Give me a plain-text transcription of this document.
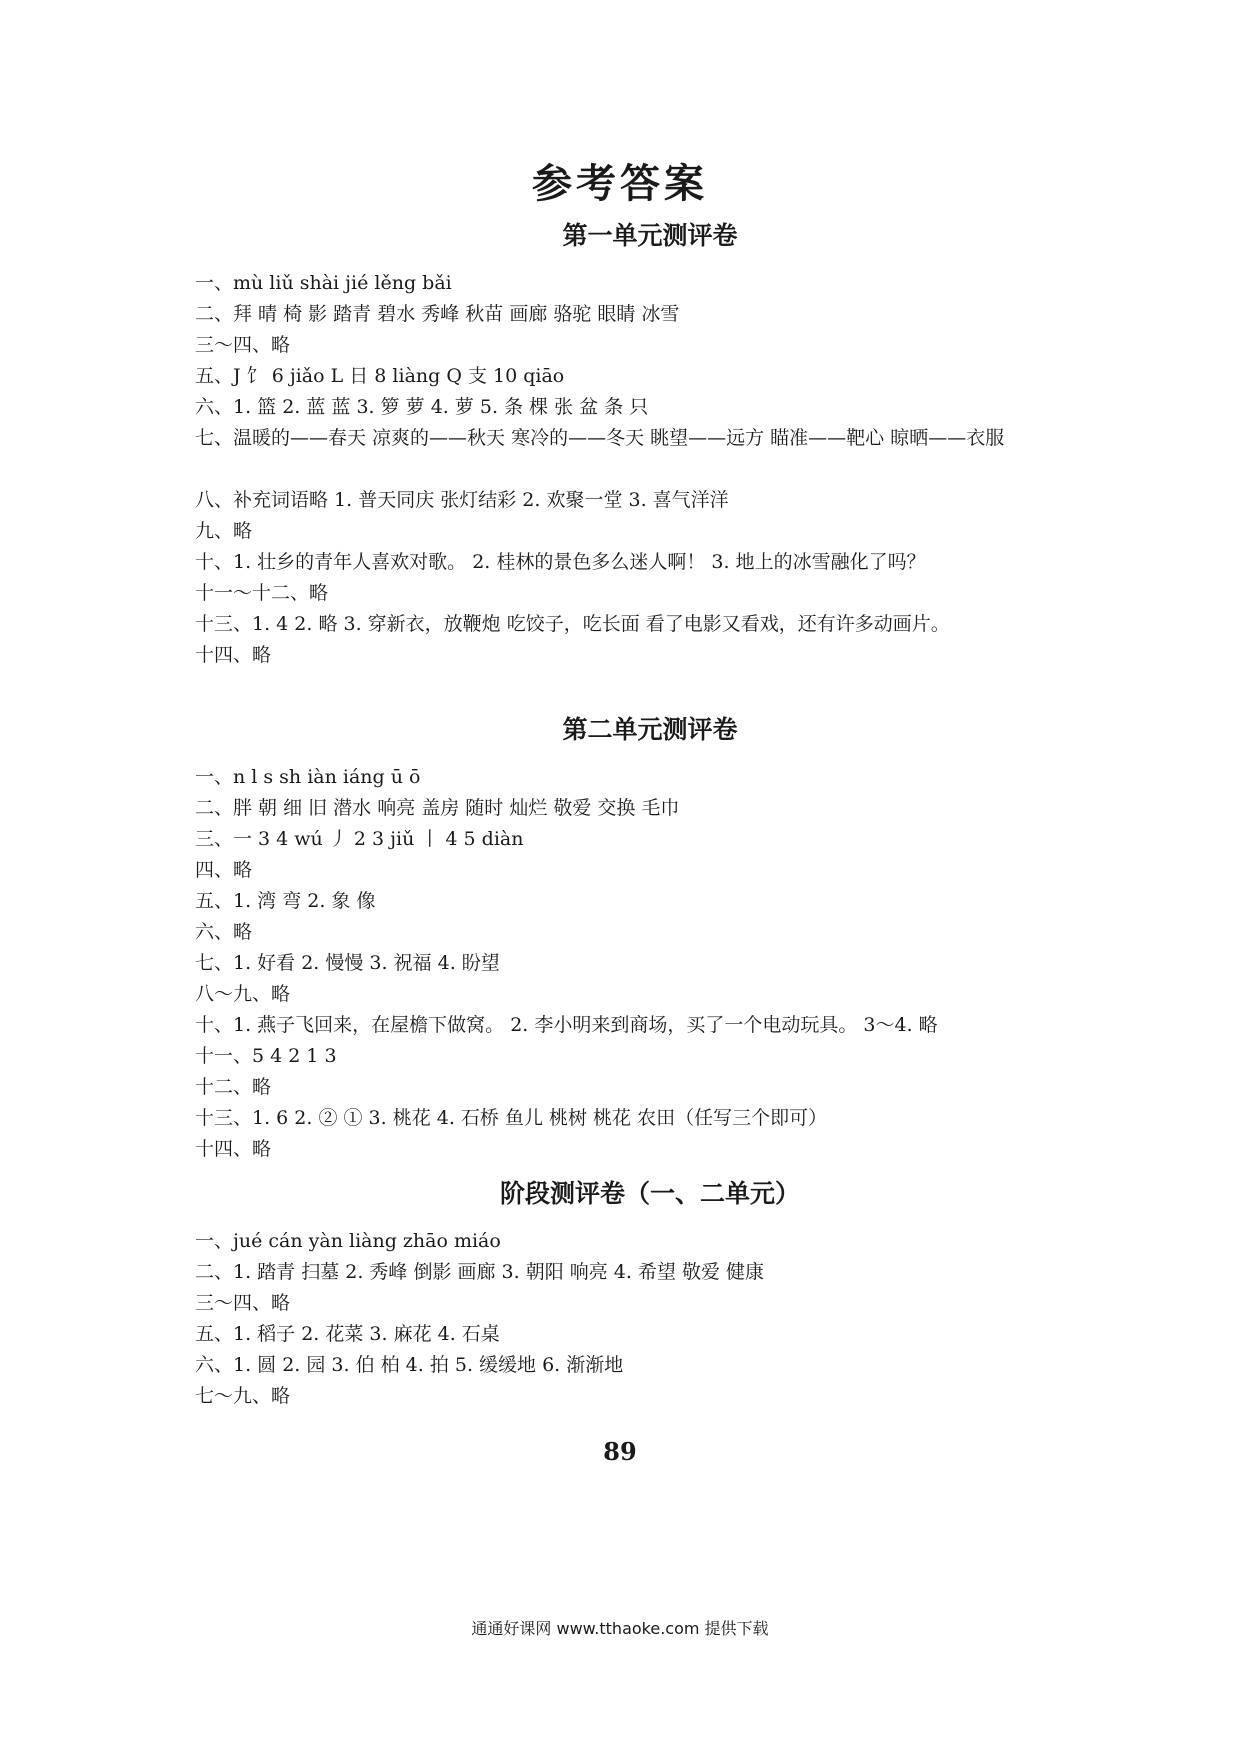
参考答案
第一单元测评卷
一、mù liǔ shài jié lěng bǎi
二、拜 晴 椅 影 踏青 碧水 秀峰 秋苗 画廊 骆驼 眼睛 冰雪
三～四、略
五、J 饣 6 jiǎo L 日 8 liàng Q 支 10 qiāo
六、1. 篮 2. 蓝 蓝 3. 箩 萝 4. 萝 5. 条 棵 张 盆 条 只
七、温暖的——春天 凉爽的——秋天 寒冷的——冬天 眺望——远方 瞄准——靶心 晾晒——衣服
八、补充词语略 1. 普天同庆 张灯结彩 2. 欢聚一堂 3. 喜气洋洋
九、略
十、1. 壮乡的青年人喜欢对歌。 2. 桂林的景色多么迷人啊！ 3. 地上的冰雪融化了吗？
十一～十二、略
十三、1. 4 2. 略 3. 穿新衣，放鞭炮 吃饺子，吃长面 看了电影又看戏，还有许多动画片。
十四、略
第二单元测评卷
一、n l s sh iàn iáng ū ō
二、胖 朝 细 旧 潜水 响亮 盖房 随时 灿烂 敬爱 交换 毛巾
三、一 3 4 wú 丿 2 3 jiǔ 丨 4 5 diàn
四、略
五、1. 湾 弯 2. 象 像
六、略
七、1. 好看 2. 慢慢 3. 祝福 4. 盼望
八～九、略
十、1. 燕子飞回来，在屋檐下做窝。 2. 李小明来到商场，买了一个电动玩具。 3～4. 略
十一、5 4 2 1 3
十二、略
十三、1. 6 2. ② ① 3. 桃花 4. 石桥 鱼儿 桃树 桃花 农田（任写三个即可）
十四、略
阶段测评卷（一、二单元）
一、jué cán yàn liàng zhāo miáo
二、1. 踏青 扫墓 2. 秀峰 倒影 画廊 3. 朝阳 响亮 4. 希望 敬爱 健康
三～四、略
五、1. 稻子 2. 花菜 3. 麻花 4. 石桌
六、1. 圆 2. 园 3. 伯 柏 4. 拍 5. 缓缓地 6. 渐渐地
七～九、略
89
通通好课网 www.tthaoke.com 提供下载
